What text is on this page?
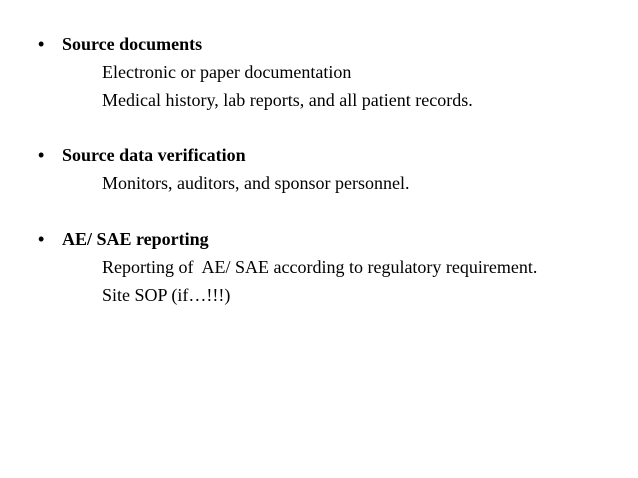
• Source documents
Electronic or paper documentation
Medical history, lab reports, and all patient records.
• Source data verification
Monitors, auditors, and sponsor personnel.
• AE/ SAE reporting
Reporting of  AE/ SAE according to regulatory requirement.
Site SOP (if…!!!)
